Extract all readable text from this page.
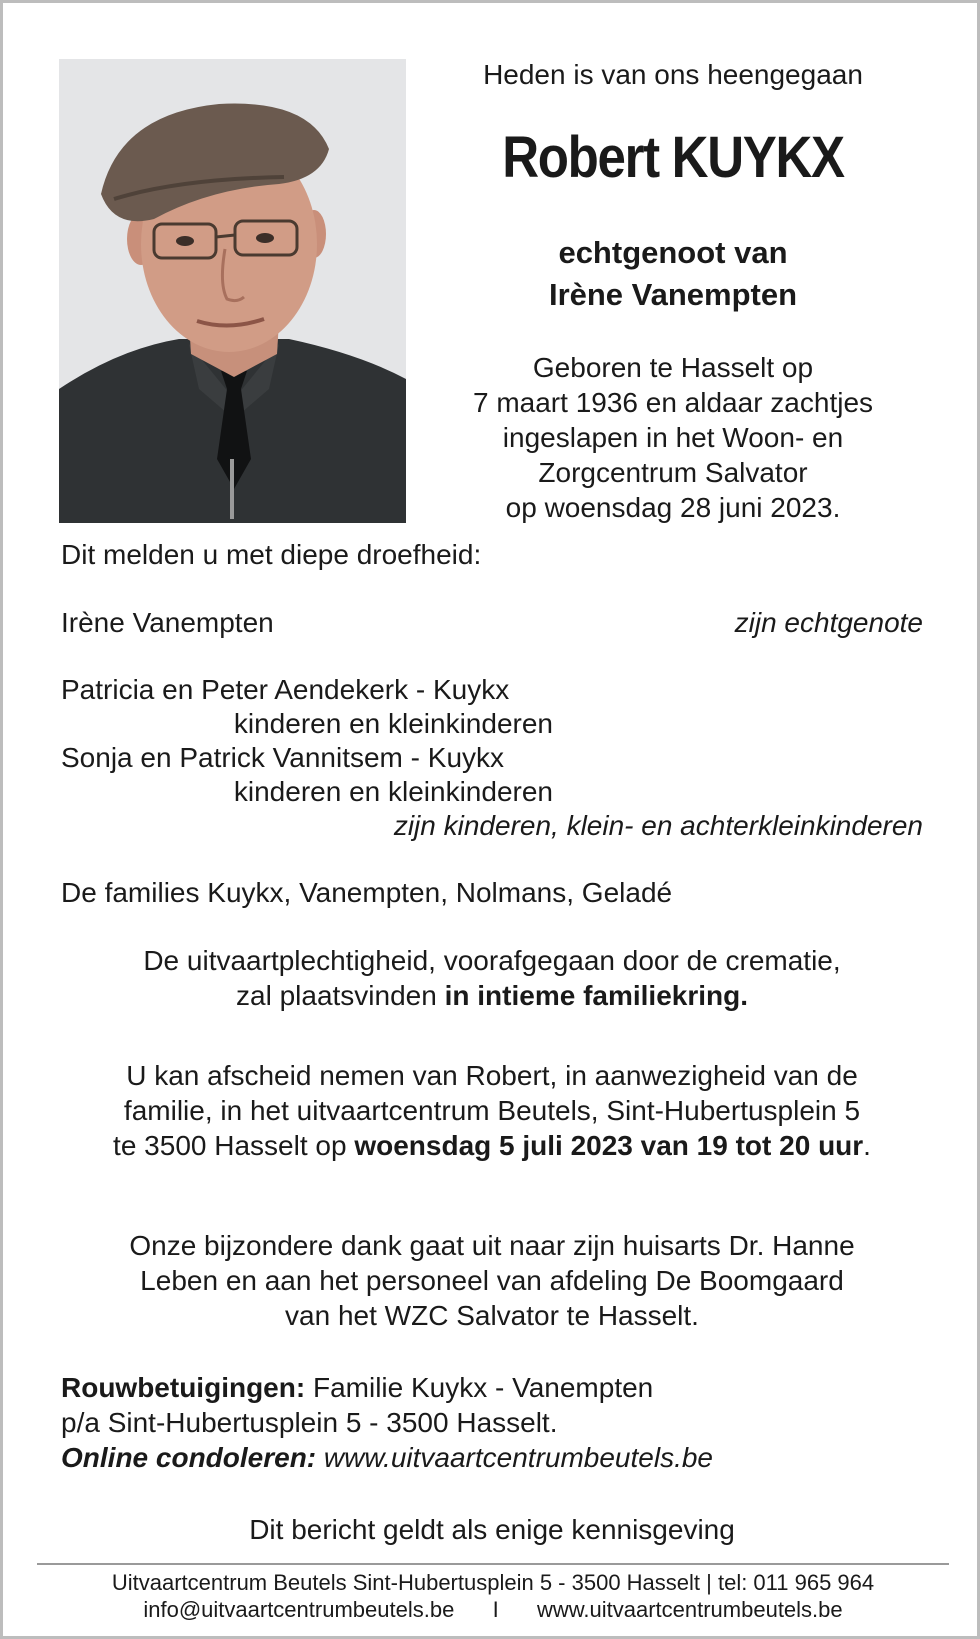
Heden is van ons heengegaan
Robert KUYKX
echtgenoot van
Irène Vanempten
Geboren te Hasselt op
7 maart 1936 en aldaar zachtjes
ingeslapen in het Woon- en
Zorgcentrum Salvator
op woensdag 28 juni 2023.
Dit melden u met diepe droefheid:
Irène Vanempten	zijn echtgenote
Patricia en Peter Aendekerk - Kuykx
kinderen en kleinkinderen
Sonja en Patrick Vannitsem - Kuykx
kinderen en kleinkinderen
zijn kinderen, klein- en achterkleinkinderen
De families Kuykx, Vanempten, Nolmans, Geladé
De uitvaartplechtigheid, voorafgegaan door de crematie,
zal plaatsvinden in intieme familiekring.
U kan afscheid nemen van Robert, in aanwezigheid van de
familie, in het uitvaartcentrum Beutels, Sint-Hubertusplein 5
te 3500 Hasselt op woensdag 5 juli 2023 van 19 tot 20 uur.
Onze bijzondere dank gaat uit naar zijn huisarts Dr. Hanne
Leben en aan het personeel van afdeling De Boomgaard
van het WZC Salvator te Hasselt.
Rouwbetuigingen: Familie Kuykx - Vanempten
p/a Sint-Hubertusplein 5 - 3500 Hasselt.
Online condoleren: www.uitvaartcentrumbeutels.be
Dit bericht geldt als enige kennisgeving
Uitvaartcentrum Beutels Sint-Hubertusplein 5 - 3500 Hasselt | tel: 011 965 964
info@uitvaartcentrumbeutels.be I www.uitvaartcentrumbeutels.be
